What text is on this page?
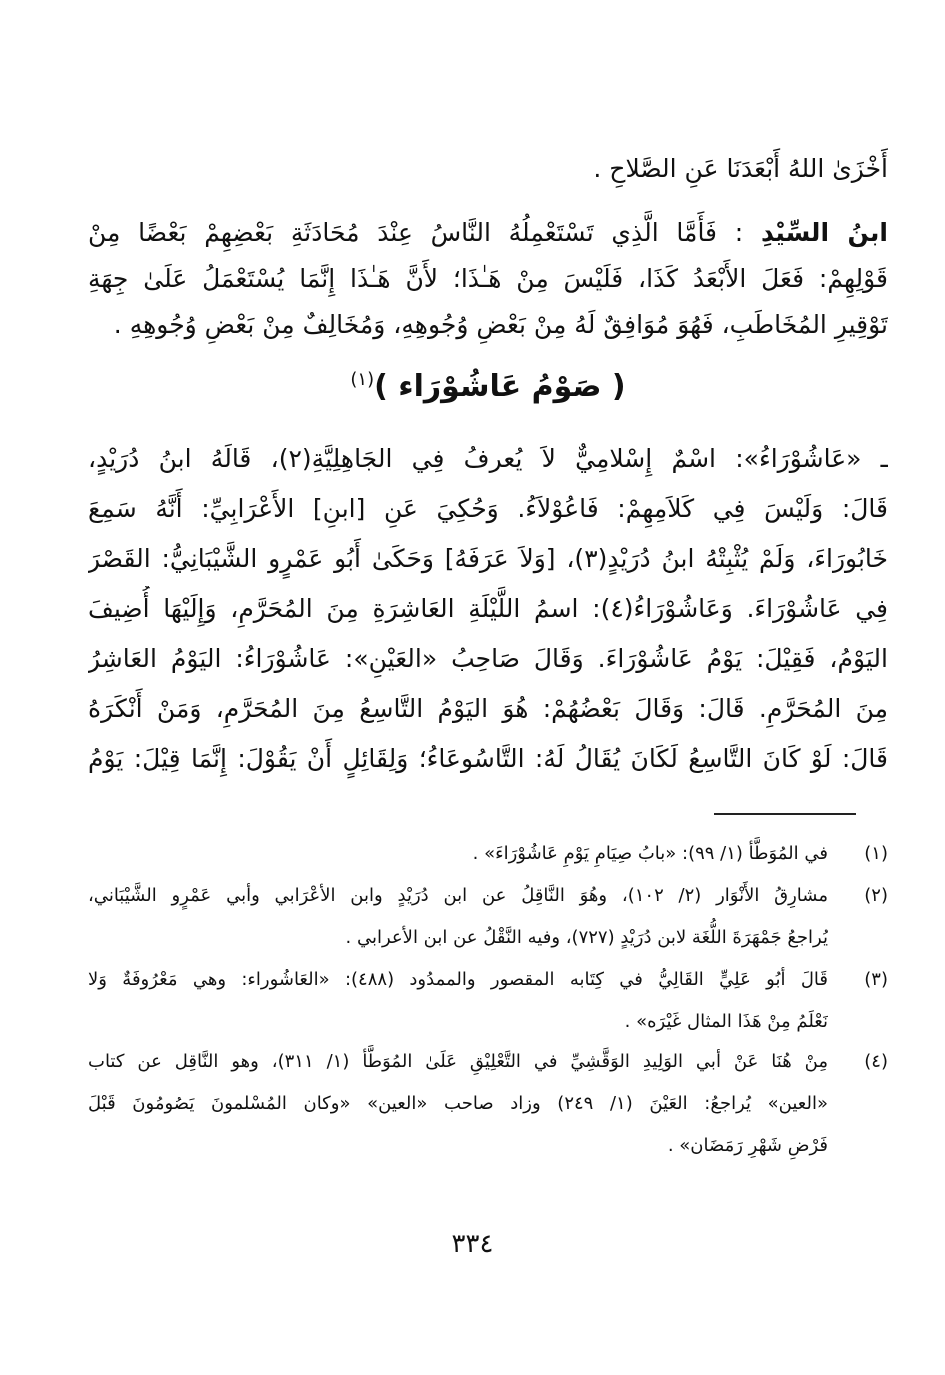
أَخْزَىٰ اللهُ أَبْعَدَنَا عَنِ الصَّلاحِ .
ابنُ السِّيْدِ : فَأَمَّا الَّذِي تَسْتَعْمِلُهُ النَّاسُ عِنْدَ مُحَادَثَةِ بَعْضِهِمْ بَعْضًا مِنْ
قَوْلِهِمْ: فَعَلَ الأَبْعَدُ كَذَا، فَلَيْسَ مِنْ هَـٰذَا؛ لأَنَّ هَـٰذَا إِنَّمَا يُسْتَعْمَلُ عَلَىٰ جِهَةِ
تَوْقِيرِ المُخَاطَبِ، فَهُوَ مُوَافِقٌ لَهُ مِنْ بَعْضِ وُجُوهِهِ، وَمُخَالِفٌ مِنْ بَعْضِ وُجُوهِهِ .
( صَوْمُ عَاشُوْرَاء )$^{(١)}$
ـ «عَاشُوْرَاءُ»: اسْمٌ إِسْلامِيٌّ لاَ يُعرفُ فِي الجَاهِلِيَّةِ(٢)، قَالَهُ ابنُ دُرَيْدٍ،
قَالَ: وَلَيْسَ فِي كَلاَمِهِمْ: فَاعُوْلاَءُ. وَحُكِيَ عَنِ [ابنِ] الأَعْرَابِيِّ: أَنَّهُ سَمِعَ
خَابُورَاءَ، وَلَمْ يُثْبِتْهُ ابنُ دُرَيْدٍ(٣)، [وَلاَ عَرَفَهُ] وَحَكَىٰ أَبُو عَمْرٍو الشَّيْبَانِيُّ: القَصْرَ
فِي عَاشُوْرَاءَ. وَعَاشُوْرَاءُ(٤): اسمُ اللَّيْلَةِ العَاشِرَةِ مِنَ المُحَرَّمِ، وَإِلَيْهَا أُضِيفَ
اليَوْمُ، فَقِيْلَ: يَوْمُ عَاشُوْرَاءَ. وَقَالَ صَاحِبُ «العَيْنِ»: عَاشُوْرَاءُ: اليَوْمُ العَاشِرُ
مِنَ المُحَرَّمِ. قَالَ: وَقَالَ بَعْضُهُمْ: هُوَ اليَوْمُ التَّاسِعُ مِنَ المُحَرَّمِ، وَمَنْ أَنْكَرَهُ
قَالَ: لَوْ كَانَ التَّاسِعُ لَكَانَ يُقَالُ لَهُ: التَّاسُوعَاءُ؛ وَلِقَائِلٍ أَنْ يَقُوْلَ: إِنَّمَا قِيْلَ: يَوْمُ
(١)
في المُوَطَّأ (١/ ٩٩): «بابُ صِيَامِ يَوْمِ عَاشُوْرَاءَ» .
(٢)
مشارِقُ الأَنْوَار (٢/ ١٠٢)، وهُوَ النَّاقِلُ عن ابن دُرَيْدٍ وابن الأعْرَابي وأبي عَمْرٍو الشَّيْبَاني،
يُراجعُ جَمْهَرَةَ اللُّغَة لابن دُرَيْدٍ (٧٢٧)، وفيه النَّقْلُ عن ابن الأعرابي .
(٣)
قَالَ أبُو عَلِيٍّ القَالِيُّ في كِتَابه المقصور والممدُود (٤٨٨): «العَاشُوراء: وهي مَعْرُوفَةٌ وَلا
نَعْلَمُ مِنْ هَذَا المثال غَيْرَه» .
(٤)
مِنْ هُنَا عَنْ أبي الوَلِيدِ الوَقَّشِيِّ في التَّعْلِيْقِ عَلَىٰ المُوَطَّأ (١/ ٣١١)، وهو النَّاقِل عن كتاب
«العين» يُراجعُ: العَيْنَ (١/ ٢٤٩) وزاد صاحب «العين» «وكان المُسْلمونَ يَصُومُونَ قَبْلَ
فَرْضِ شَهْرِ رَمَضَان» .
٣٣٤
